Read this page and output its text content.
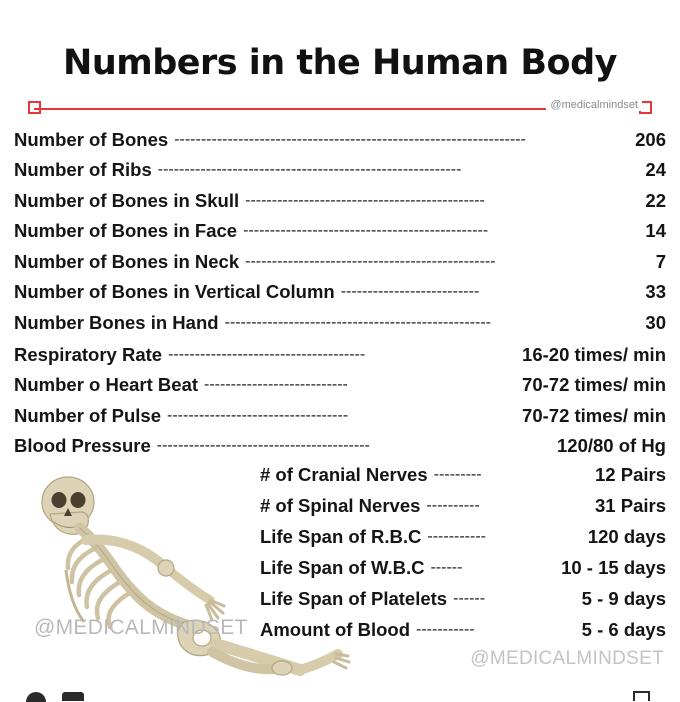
Numbers in the Human Body
@medicalmindset
Number of Bones ------------------------------------------------------------------	206
Number of Ribs ---------------------------------------------------------	24
Number of Bones in Skull ---------------------------------------------	22
Number of Bones in Face ----------------------------------------------	14
Number of Bones in Neck -----------------------------------------------	7
Number of Bones in Vertical Column --------------------------	33
Number Bones in Hand --------------------------------------------------	30
Respiratory Rate -------------------------------------	16-20 times/ min
Number o Heart Beat ---------------------------	70-72 times/ min
Number of Pulse ----------------------------------	70-72 times/ min
Blood Pressure ----------------------------------------	120/80 of Hg
# of Cranial Nerves ---------	12 Pairs
# of Spinal Nerves ----------	31 Pairs
Life Span of R.B.C -----------	120 days
Life Span of W.B.C ------	10 - 15 days
Life Span of Platelets ------	5 - 9 days
Amount of Blood -----------	5 - 6 days
@MEDICALMINDSET
@MEDICALMINDSET
